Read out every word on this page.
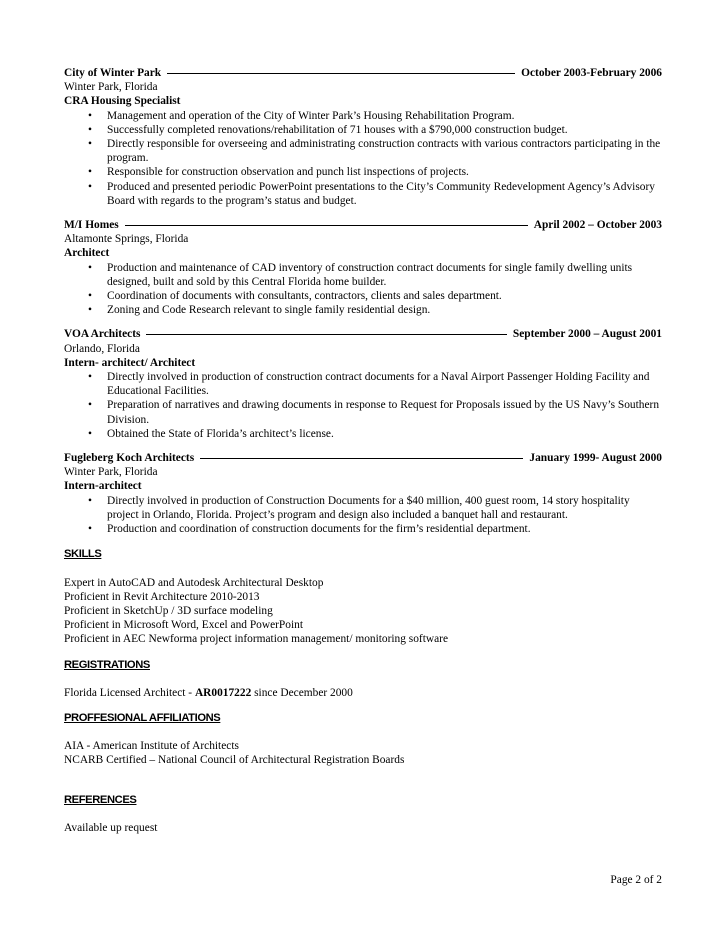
City of Winter Park	October 2003-February 2006
Winter Park, Florida
CRA Housing Specialist
• Management and operation of the City of Winter Park’s Housing Rehabilitation Program.
• Successfully completed renovations/rehabilitation of 71 houses with a $790,000 construction budget.
• Directly responsible for overseeing and administrating construction contracts with various contractors participating in the program.
• Responsible for construction observation and punch list inspections of projects.
• Produced and presented periodic PowerPoint presentations to the City’s Community Redevelopment Agency’s Advisory Board with regards to the program’s status and budget.
M/I Homes	April 2002 – October 2003
Altamonte Springs, Florida
Architect
• Production and maintenance of CAD inventory of construction contract documents for single family dwelling units designed, built and sold by this Central Florida home builder.
• Coordination of documents with consultants, contractors, clients and sales department.
• Zoning and Code Research relevant to single family residential design.
VOA Architects	September 2000 – August 2001
Orlando, Florida
Intern- architect/ Architect
• Directly involved in production of construction contract documents for a Naval Airport Passenger Holding Facility and Educational Facilities.
• Preparation of narratives and drawing documents in response to Request for Proposals issued by the US Navy’s Southern Division.
• Obtained the State of Florida’s architect’s license.
Fugleberg Koch Architects	January 1999- August 2000
Winter Park, Florida
Intern-architect
• Directly involved in production of Construction Documents for a $40 million, 400 guest room, 14 story hospitality project in Orlando, Florida. Project’s program and design also included a banquet hall and restaurant.
• Production and coordination of construction documents for the firm’s residential department.
SKILLS
Expert in AutoCAD and Autodesk Architectural Desktop
Proficient in Revit Architecture 2010-2013
Proficient in SketchUp / 3D surface modeling
Proficient in Microsoft Word, Excel and PowerPoint
Proficient in AEC Newforma project information management/ monitoring software
REGISTRATIONS
Florida Licensed Architect - AR0017222 since December 2000
PROFFESIONAL AFFILIATIONS
AIA - American Institute of Architects
NCARB Certified – National Council of Architectural Registration Boards
REFERENCES
Available up request
Page 2 of 2
